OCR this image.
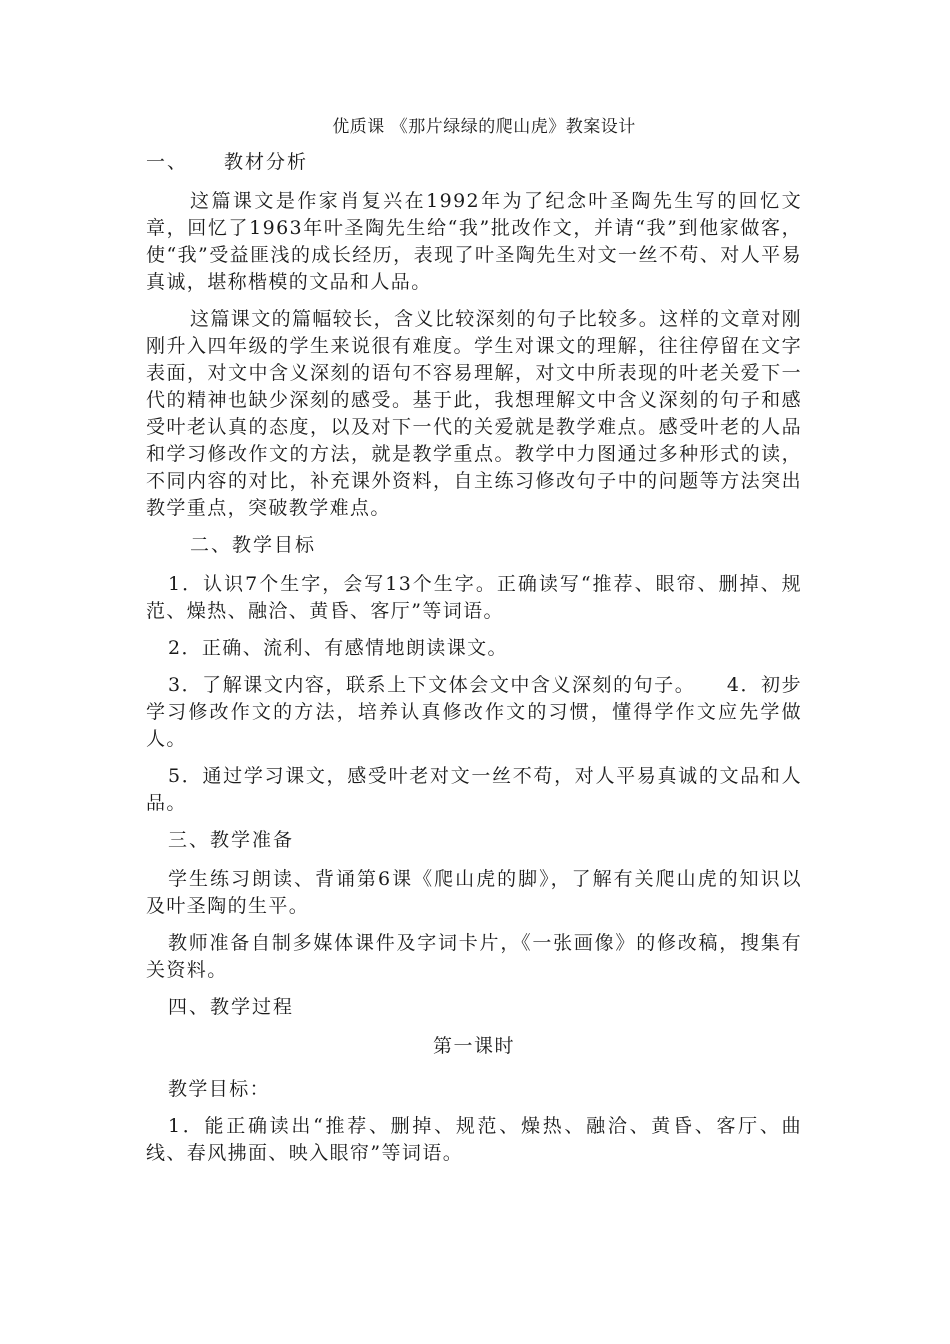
优质课 《那片绿绿的爬山虎》教案设计
一、 教材分析

这篇课文是作家肖复兴在1992年为了纪念叶圣陶先生写的回忆文章，回忆了1963年叶圣陶先生给“我”批改作文，并请“我”到他家做客，使“我”受益匪浅的成长经历，表现了叶圣陶先生对文一丝不苟、对人平易真诚，堪称楷模的文品和人品。

这篇课文的篇幅较长，含义比较深刻的句子比较多。这样的文章对刚刚升入四年级的学生来说很有难度。学生对课文的理解，往往停留在文字表面，对文中含义深刻的语句不容易理解，对文中所表现的叶老关爱下一代的精神也缺少深刻的感受。基于此，我想理解文中含义深刻的句子和感受叶老认真的态度，以及对下一代的关爱就是教学难点。感受叶老的人品和学习修改作文的方法，就是教学重点。教学中力图通过多种形式的读，不同内容的对比，补充课外资料，自主练习修改句子中的问题等方法突出教学重点，突破教学难点。

二、教学目标

1．认识7个生字，会写13个生字。正确读写“推荐、眼帘、删掉、规范、燥热、融洽、黄昏、客厅”等词语。

2．正确、流利、有感情地朗读课文。

3．了解课文内容，联系上下文体会文中含义深刻的句子。　　4．初步学习修改作文的方法，培养认真修改作文的习惯，懂得学作文应先学做人。

5．通过学习课文，感受叶老对文一丝不苟，对人平易真诚的文品和人品。

三、教学准备

学生练习朗读、背诵第6课《爬山虎的脚》，了解有关爬山虎的知识以及叶圣陶的生平。

教师准备自制多媒体课件及字词卡片，《一张画像》的修改稿，搜集有关资料。

四、教学过程
第一课时

教学目标：

1．能正确读出“推荐、删掉、规范、燥热、融洽、黄昏、客厅、曲线、春风拂面、映入眼帘”等词语。
